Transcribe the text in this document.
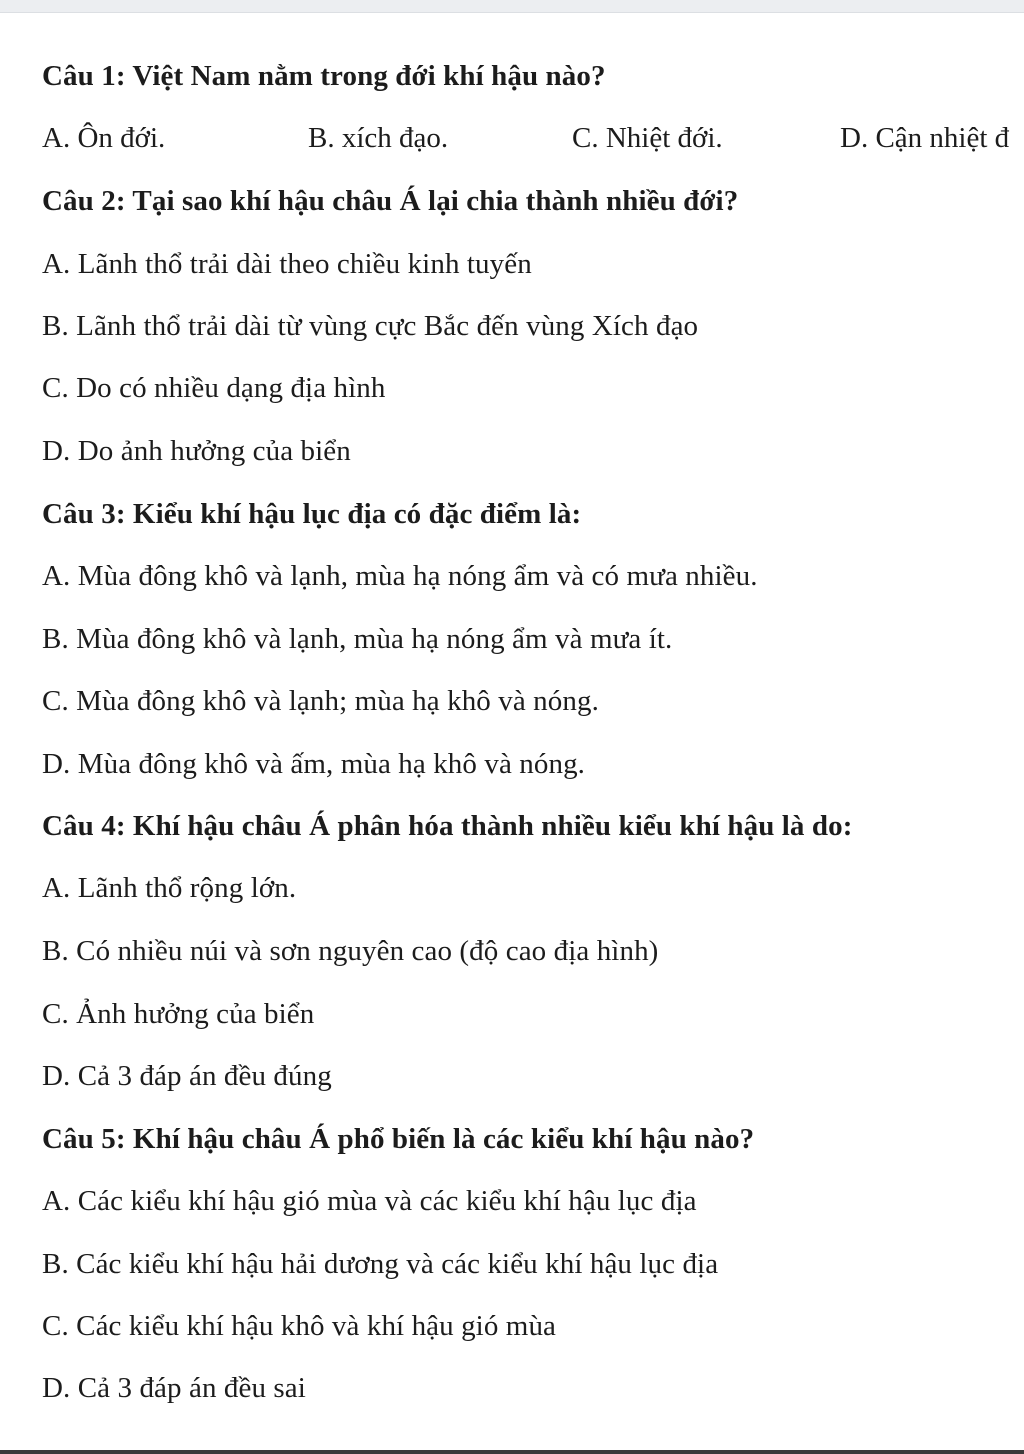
Câu 1: Việt Nam nằm trong đới khí hậu nào?
A. Ôn đới.	B. xích đạo.	C. Nhiệt đới.	D. Cận nhiệt đ
Câu 2: Tại sao khí hậu châu Á lại chia thành nhiều đới?
A. Lãnh thổ trải dài theo chiều kinh tuyến
B. Lãnh thổ trải dài từ vùng cực Bắc đến vùng Xích đạo
C. Do có nhiều dạng địa hình
D. Do ảnh hưởng của biển
Câu 3: Kiểu khí hậu lục địa có đặc điểm là:
A. Mùa đông khô và lạnh, mùa hạ nóng ẩm và có mưa nhiều.
B. Mùa đông khô và lạnh, mùa hạ nóng ẩm và mưa ít.
C. Mùa đông khô và lạnh; mùa hạ khô và nóng.
D. Mùa đông khô và ấm, mùa hạ khô và nóng.
Câu 4: Khí hậu châu Á phân hóa thành nhiều kiểu khí hậu là do:
A. Lãnh thổ rộng lớn.
B. Có nhiều núi và sơn nguyên cao (độ cao địa hình)
C. Ảnh hưởng của biển
D. Cả 3 đáp án đều đúng
Câu 5: Khí hậu châu Á phổ biến là các kiểu khí hậu nào?
A. Các kiểu khí hậu gió mùa và các kiểu khí hậu lục địa
B. Các kiểu khí hậu hải dương và các kiểu khí hậu lục địa
C. Các kiểu khí hậu khô và khí hậu gió mùa
D. Cả 3 đáp án đều sai
